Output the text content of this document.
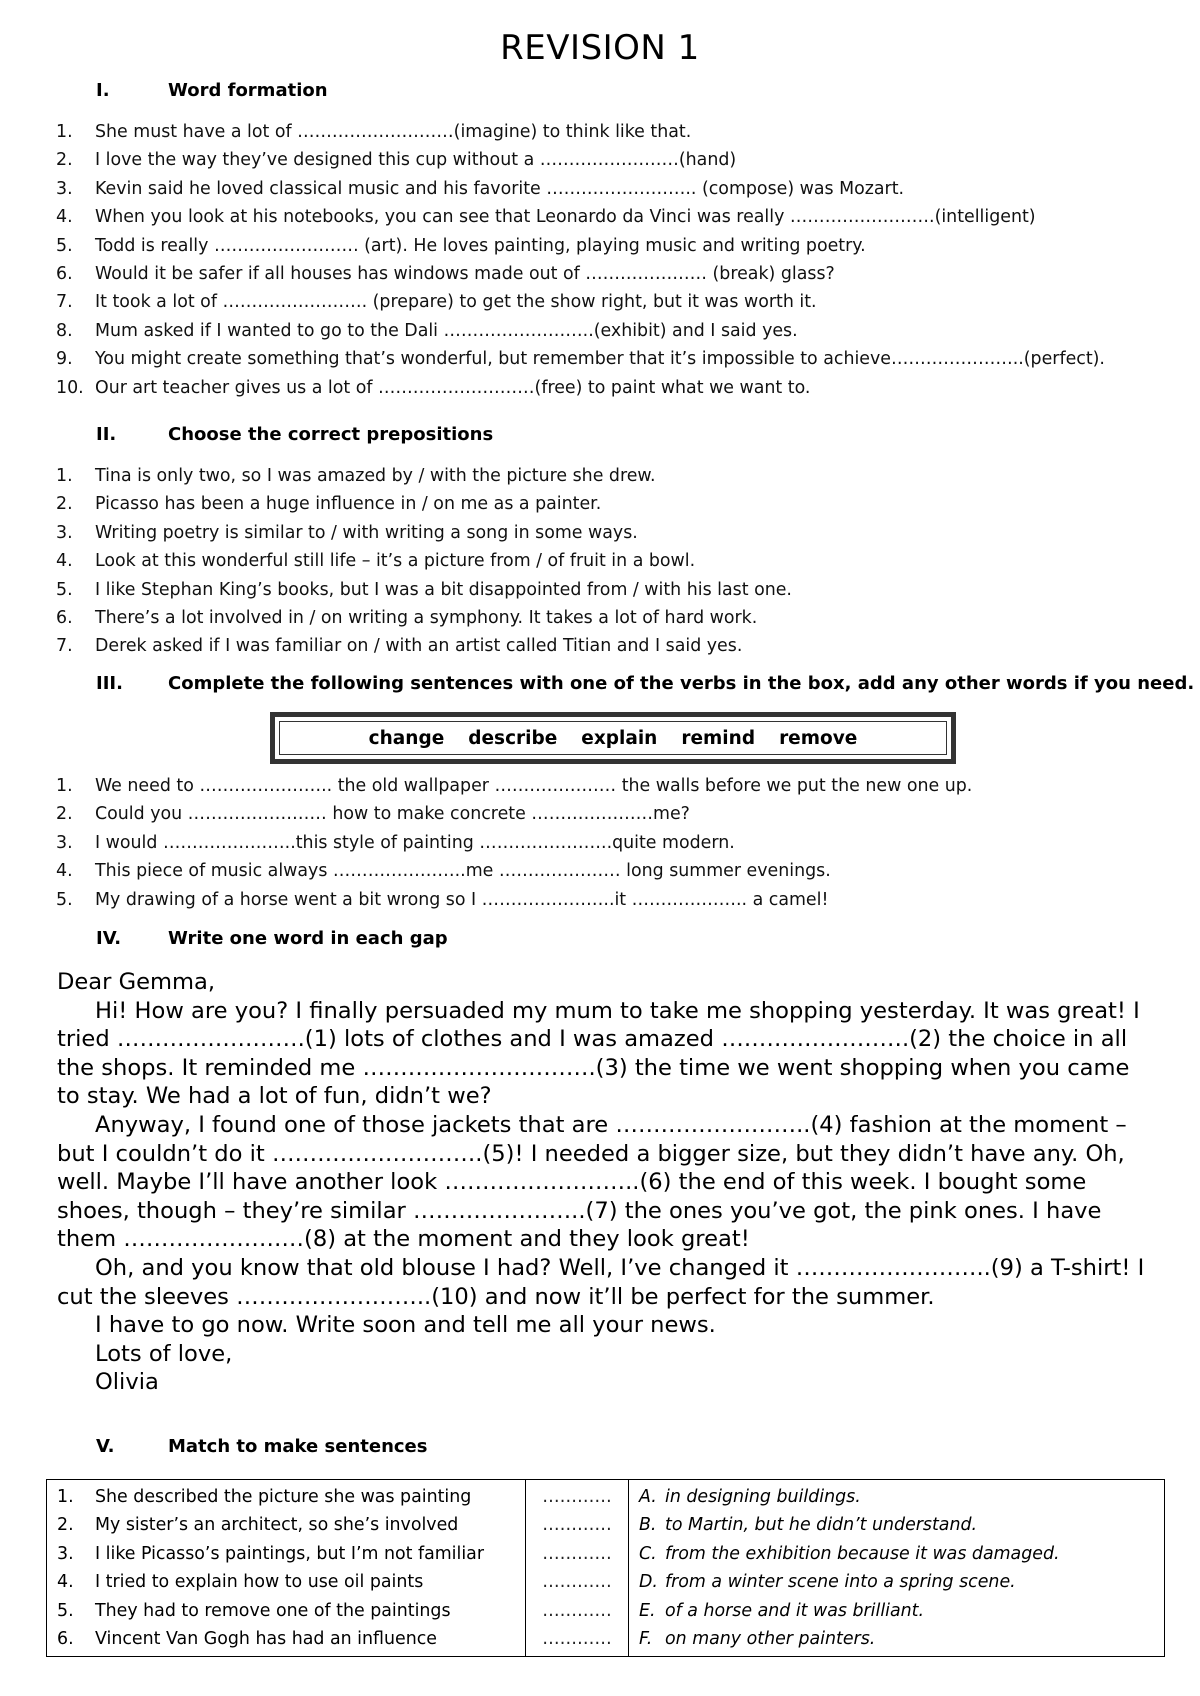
REVISION 1
I.	Word formation
1. She must have a lot of ………………………(imagine) to think like that.
2. I love the way they’ve designed this cup without a ……………………(hand)
3. Kevin said he loved classical music and his favorite …………………….. (compose) was Mozart.
4. When you look at his notebooks, you can see that Leonardo da Vinci was really …………………….(intelligent)
5. Todd is really ……………………. (art). He loves painting, playing music and writing poetry.
6. Would it be safer if all houses has windows made out of ………………… (break) glass?
7. It took a lot of ……………………. (prepare) to get the show right, but it was worth it.
8. Mum asked if I wanted to go to the Dali ……………………..(exhibit) and I said yes.
9. You might create something that’s wonderful, but remember that it’s impossible to achieve…………………..(perfect).
10. Our art teacher gives us a lot of ………………………(free) to paint what we want to.
II.	Choose the correct prepositions
1. Tina is only two, so I was amazed by / with the picture she drew.
2. Picasso has been a huge influence in / on me as a painter.
3. Writing poetry is similar to / with writing a song in some ways.
4. Look at this wonderful still life – it’s a picture from / of fruit in a bowl.
5. I like Stephan King’s books, but I was a bit disappointed from / with his last one.
6. There’s a lot involved in / on writing a symphony. It takes a lot of hard work.
7. Derek asked if I was familiar on / with an artist called Titian and I said yes.
III.	Complete the following sentences with one of the verbs in the box, add any other words if you need.
change describe explain remind remove
1. We need to ………………….. the old wallpaper ………………… the walls before we put the new one up.
2. Could you …………………… how to make concrete …………………me?
3. I would …………………..this style of painting …………………..quite modern.
4. This piece of music always …………………..me ………………… long summer evenings.
5. My drawing of a horse went a bit wrong so I …………………..it ……………….. a camel!
IV.	Write one word in each gap

Dear Gemma,

Hi! How are you? I finally persuaded my mum to take me shopping yesterday. It was great! I tried …………………….(1) lots of clothes and I was amazed …………………….(2) the choice in all the shops. It reminded me ………………………….(3) the time we went shopping when you came to stay. We had a lot of fun, didn’t we?

Anyway, I found one of those jackets that are ……………………..(4) fashion at the moment – but I couldn’t do it ……………………….(5)! I needed a bigger size, but they didn’t have any. Oh, well. Maybe I’ll have another look ……………………..(6) the end of this week. I bought some shoes, though – they’re similar …………………..(7) the ones you’ve got, the pink ones. I have them ……………………(8) at the moment and they look great!

Oh, and you know that old blouse I had? Well, I’ve changed it ……………………..(9) a T-shirt! I cut the sleeves ……………………..(10) and now it’ll be perfect for the summer.

I have to go now. Write soon and tell me all your news.

Lots of love,

Olivia

V.	Match to make sentences
1. She described the picture she was painting	…………	A. in designing buildings.
2. My sister’s an architect, so she’s involved	…………	B. to Martin, but he didn’t understand.
3. I like Picasso’s paintings, but I’m not familiar	…………	C. from the exhibition because it was damaged.
4. I tried to explain how to use oil paints	…………	D. from a winter scene into a spring scene.
5. They had to remove one of the paintings	…………	E. of a horse and it was brilliant.
6. Vincent Van Gogh has had an influence	…………	F. on many other painters.
